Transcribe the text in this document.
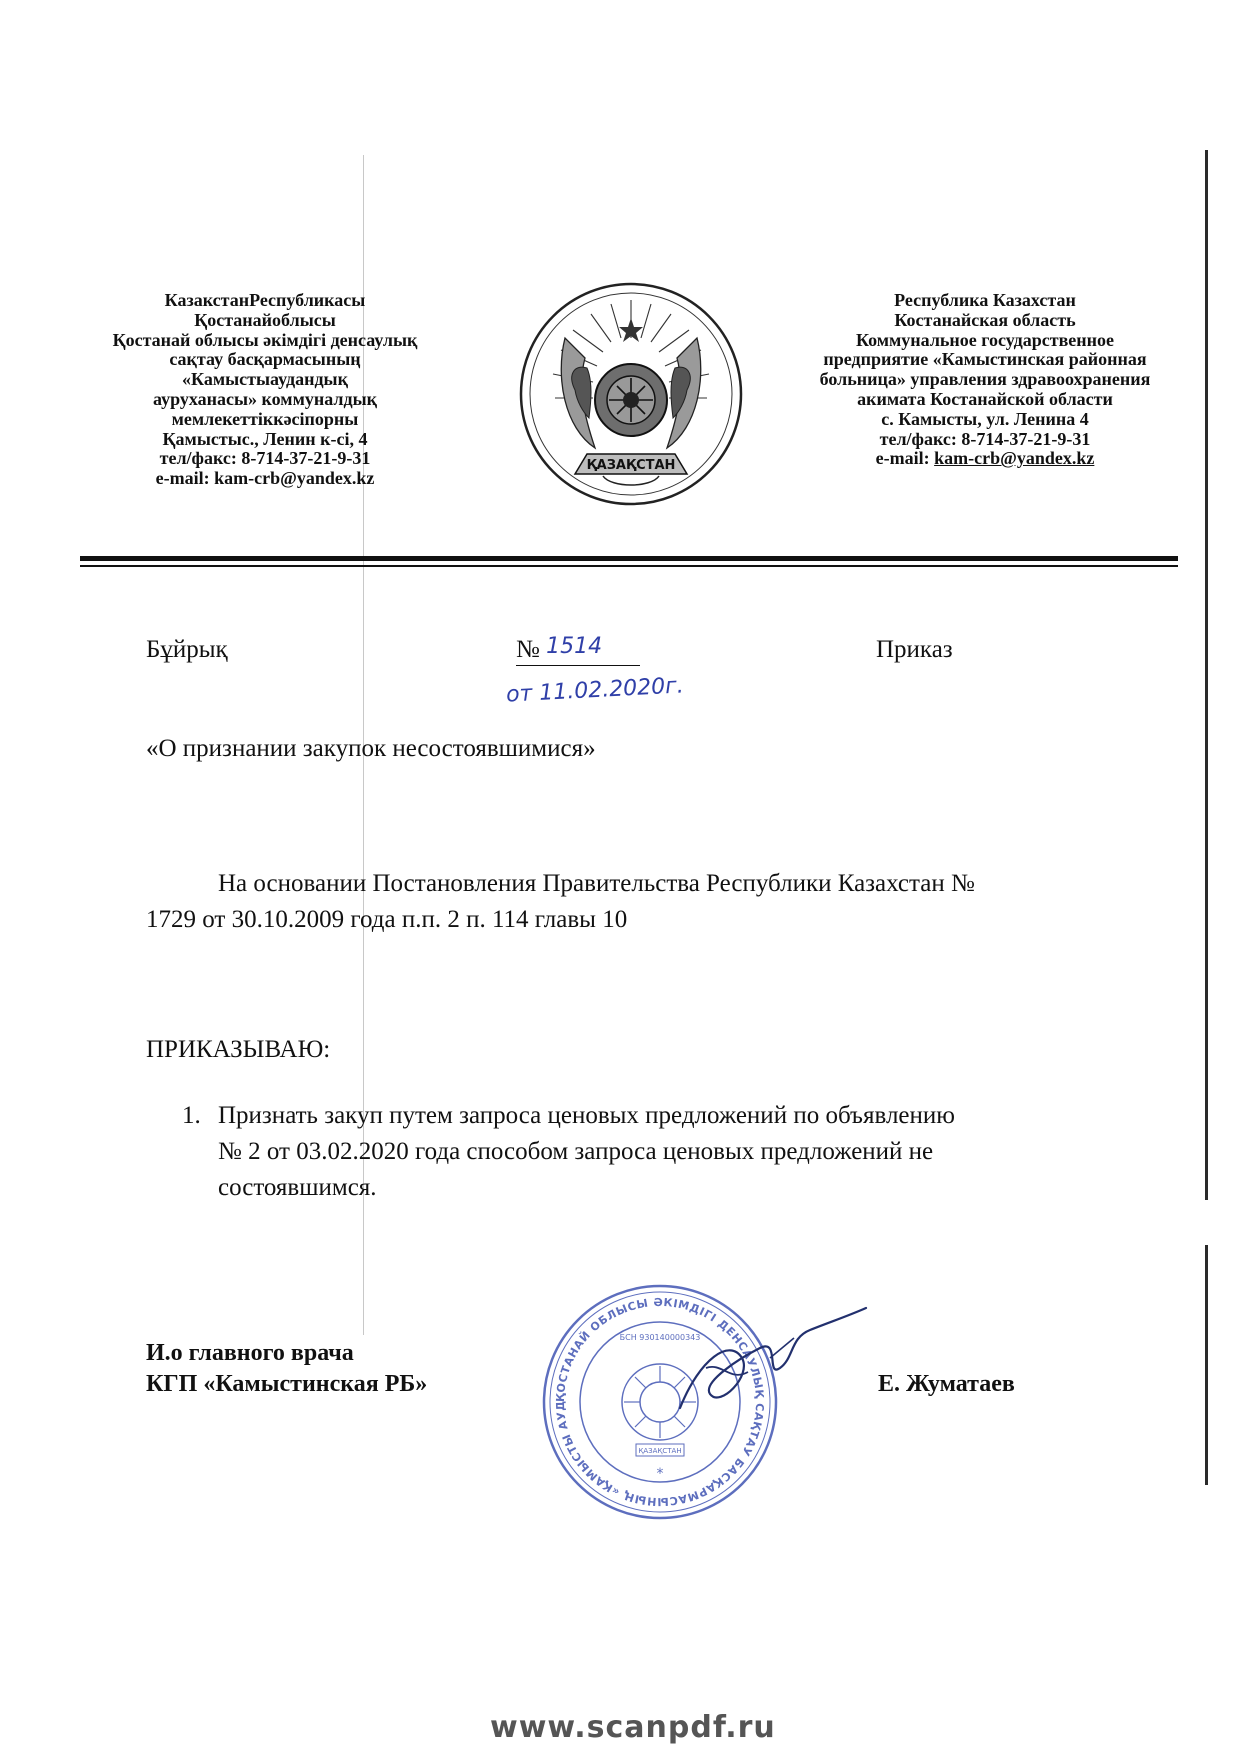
КазакстанРеспубликасы
Қостанайоблысы
Қостанай облысы әкімдігі денсаулық
сақтау басқармасының
«Камыстыаудандық
ауруханасы» коммуналдық
мемлекеттіккәсіпорны
Қамыстыс., Ленин к-сі, 4
тел/факс: 8-714-37-21-9-31
e-mail: kam-crb@yandex.kz
ҚАЗАҚСТАН
Республика Казахстан
Костанайская область
Коммунальное государственное
предприятие «Камыстинская районная
больница» управления здравоохранения
акимата Костанайской области
с. Камысты, ул. Ленина 4
тел/факс: 8-714-37-21-9-31
e-mail: kam-crb@yandex.kz
Бұйрық	№ 1514
от 11.02.2020г.
Приказ
«О признании закупок несостоявшимися»
На основании Постановления Правительства Республики Казахстан №
1729 от 30.10.2009 года п.п. 2 п. 114 главы 10
ПРИКАЗЫВАЮ:
1. Признать закуп путем запроса ценовых предложений по объявлению
№ 2 от 03.02.2020 года способом запроса ценовых предложений не
состоявшимся.
И.о главного врача
КГП «Камыстинская РБ»	Е. Жуматаев
ҚОСТАНАЙ ОБЛЫСЫ ӘКІМДІГІ ДЕНСАУЛЫҚ САҚТАУ БАСҚАРМАСЫНЫҢ «ҚАМЫСТЫ АУД
БСН 930140000343
ҚАЗАҚСТАН
*
www.scanpdf.ru
